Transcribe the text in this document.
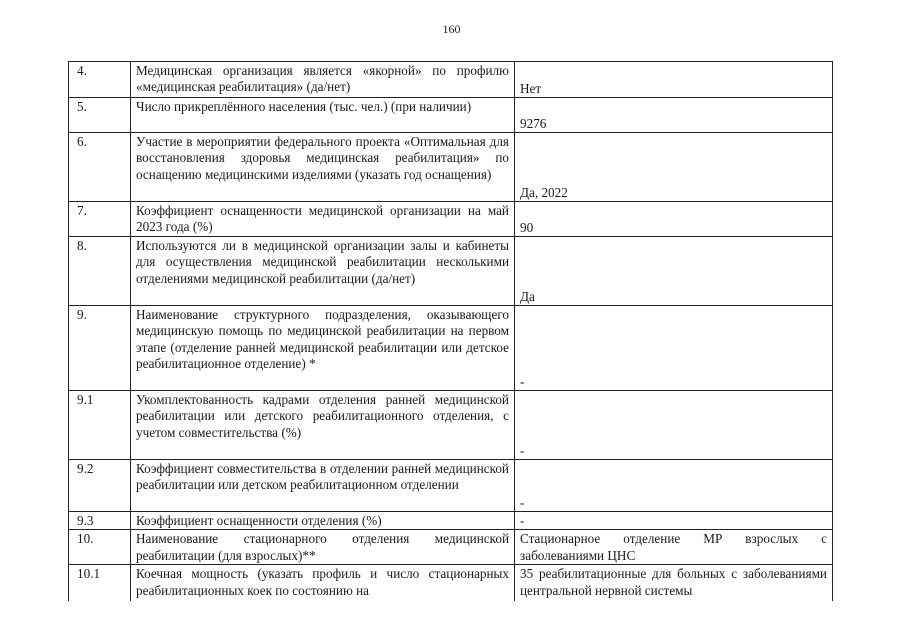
160
4.	Медицинская организация является «якорной» по профилю «медицинская реабилитация» (да/нет)	Нет
5.	Число прикреплённого населения (тыс. чел.) (при наличии)	9276
6.	Участие в мероприятии федерального проекта «Оптимальная для восстановления здоровья медицинская реабилитация» по оснащению медицинскими изделиями (указать год оснащения)	Да, 2022
7.	Коэффициент оснащенности медицинской организации на май 2023 года (%)	90
8.	Используются ли в медицинской организации залы и кабинеты для осуществления медицинской реабилитации несколькими отделениями медицинской реабилитации (да/нет)	Да
9.	Наименование структурного подразделения, оказывающего медицинскую помощь по медицинской реабилитации на первом этапе (отделение ранней медицинской реабилитации или детское реабилитационное отделение) *	-
9.1	Укомплектованность кадрами отделения ранней медицинской реабилитации или детского реабилитационного отделения, с учетом совместительства (%)	-
9.2	Коэффициент совместительства в отделении ранней медицинской реабилитации или детском реабилитационном отделении	-
9.3	Коэффициент оснащенности отделения (%)	-
10.	Наименование стационарного отделения медицинской реабилитации (для взрослых)**	Стационарное отделение МР взрослых с заболеваниями ЦНС
10.1	Коечная мощность (указать профиль и число стационарных реабилитационных коек по состоянию на	35 реабилитационные для больных с заболеваниями центральной нервной системы
